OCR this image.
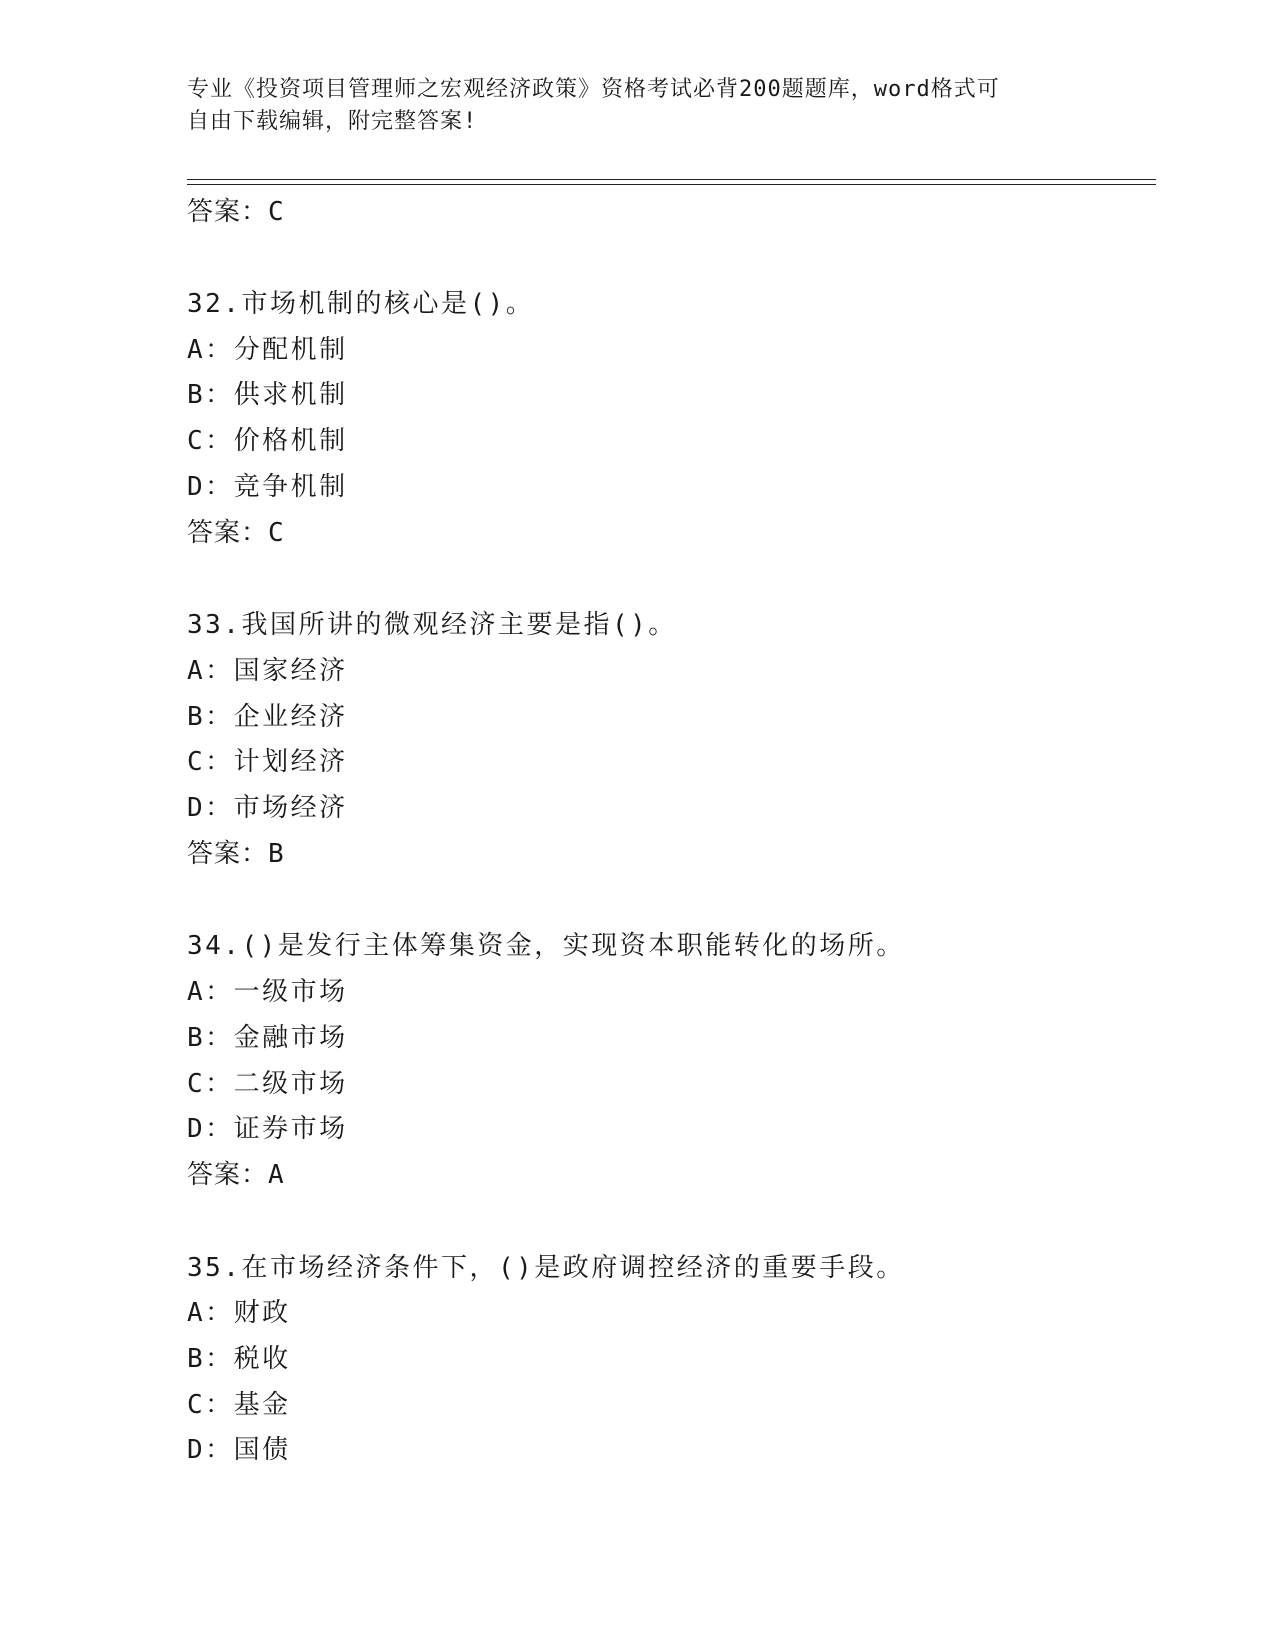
专业《投资项目管理师之宏观经济政策》资格考试必背200题题库，word格式可
自由下载编辑，附完整答案!
答案：C
32.市场机制的核心是()。
A：分配机制
B：供求机制
C：价格机制
D：竞争机制
答案：C
33.我国所讲的微观经济主要是指()。
A：国家经济
B：企业经济
C：计划经济
D：市场经济
答案：B
34.()是发行主体筹集资金，实现资本职能转化的场所。
A：一级市场
B：金融市场
C：二级市场
D：证券市场
答案：A
35.在市场经济条件下，()是政府调控经济的重要手段。
A：财政
B：税收
C：基金
D：国债
